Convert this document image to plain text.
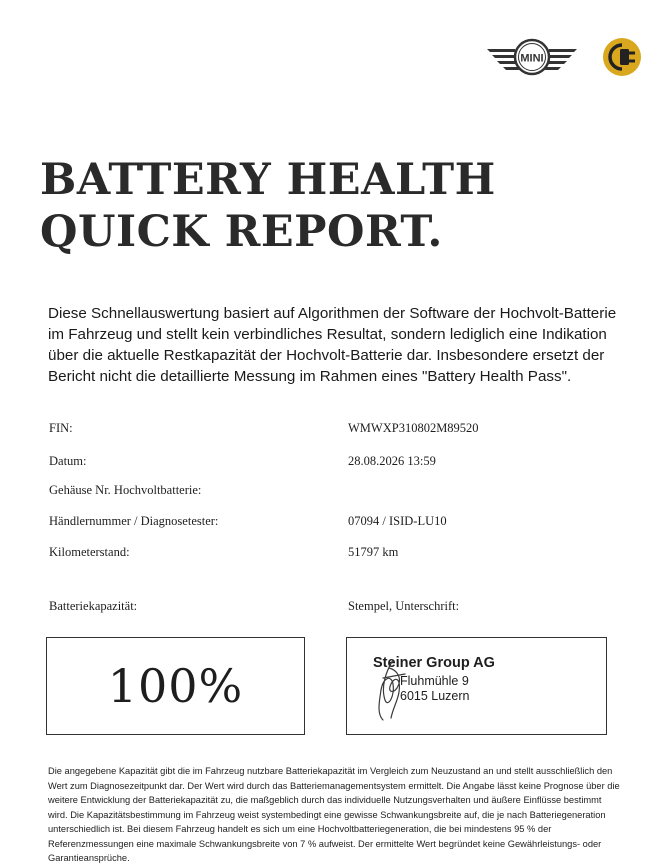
MINI
BATTERY HEALTH
QUICK REPORT.

Diese Schnellauswertung basiert auf Algorithmen der Software der Hochvolt-Batterie im Fahrzeug und stellt kein verbindliches Resultat, sondern lediglich eine Indikation über die aktuelle Restkapazität der Hochvolt-Batterie dar. Insbesondere ersetzt der Bericht nicht die detaillierte Messung im Rahmen eines "Battery Health Pass".

FIN:	WMWXP310802M89520
Datum:	28.08.2026 13:59
Gehäuse Nr. Hochvoltbatterie:
Händlernummer / Diagnosetester:	07094 / ISID-LU10
Kilometerstand:	51797 km
Batteriekapazität:	Stempel, Unterschrift:
100%	Steiner Group AG
Fluhmühle 9
6015 Luzern

Die angegebene Kapazität gibt die im Fahrzeug nutzbare Batteriekapazität im Vergleich zum Neuzustand an und stellt ausschließlich den Wert zum Diagnosezeitpunkt dar. Der Wert wird durch das Batteriemanagementsystem ermittelt. Die Angabe lässt keine Prognose über die weitere Entwicklung der Batteriekapazität zu, die maßgeblich durch das individuelle Nutzungsverhalten und äußere Einflüsse bestimmt wird. Die Kapazitätsbestimmung im Fahrzeug weist systembedingt eine gewisse Schwankungsbreite auf, die je nach Batteriegeneration unterschiedlich ist. Bei diesem Fahrzeug handelt es sich um eine Hochvoltbatteriegeneration, die bei mindestens 95 % der Referenzmessungen eine maximale Schwankungsbreite von 7 % aufweist. Der ermittelte Wert begründet keine Gewährleistungs- oder Garantieansprüche.
